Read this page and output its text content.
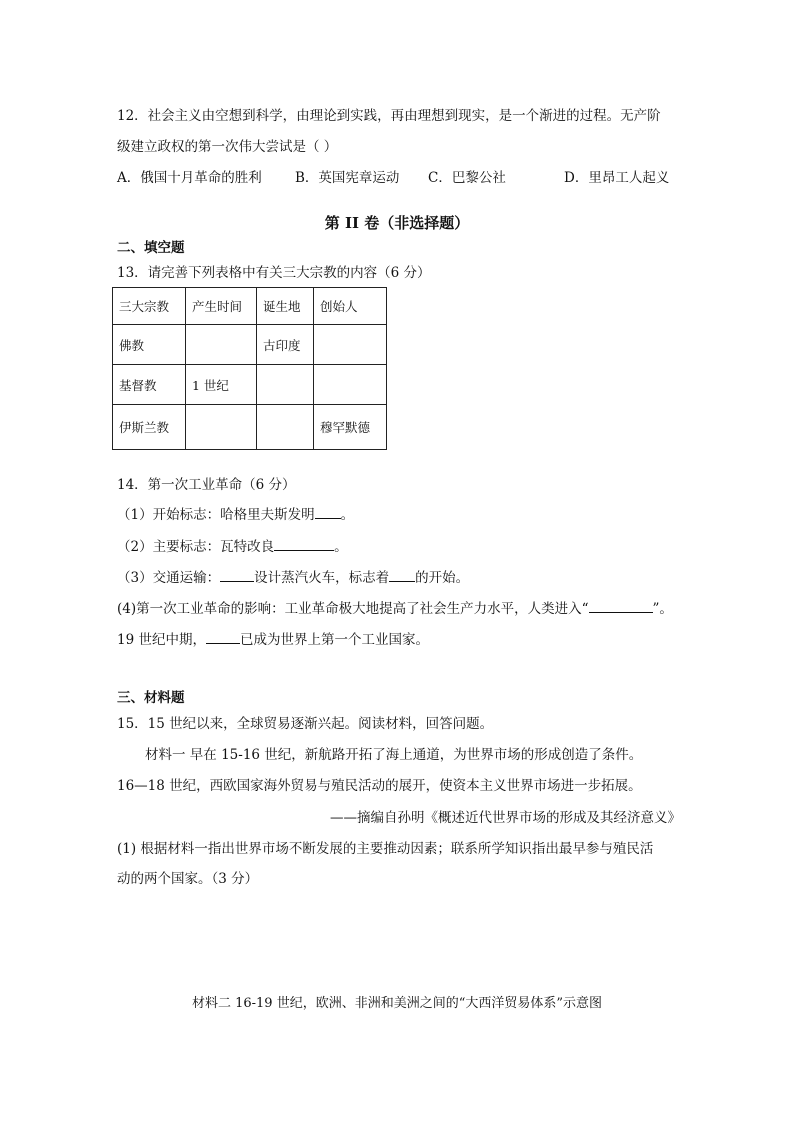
12．社会主义由空想到科学，由理论到实践，再由理想到现实，是一个渐进的过程。无产阶
级建立政权的第一次伟大尝试是（ ）
A．俄国十月革命的胜利	B．英国宪章运动	C．巴黎公社	D．里昂工人起义
第 II 卷（非选择题）
二、填空题
13．请完善下列表格中有关三大宗教的内容（6 分）
三大宗教	产生时间	诞生地	创始人
佛教		古印度	
基督教	1 世纪		
伊斯兰教			穆罕默德
14．第一次工业革命（6 分）
（1）开始标志：哈格里夫斯发明 。
（2）主要标志：瓦特改良	。
（3）交通运输：	设计蒸汽火车，标志着 的开始。
(4)第一次工业革命的影响：工业革命极大地提高了社会生产力水平，人类进入“	”。
19 世纪中期，	已成为世界上第一个工业国家。
三、材料题
15．15 世纪以来，全球贸易逐渐兴起。阅读材料，回答问题。
材料一 早在 15-16 世纪，新航路开拓了海上通道，为世界市场的形成创造了条件。
16—18 世纪，西欧国家海外贸易与殖民活动的展开，使资本主义世界市场进一步拓展。
——摘编自孙明《概述近代世界市场的形成及其经济意义》
(1) 根据材料一指出世界市场不断发展的主要推动因素；联系所学知识指出最早参与殖民活
动的两个国家。（3 分）
材料二 16-19 世纪，欧洲、非洲和美洲之间的“大西洋贸易体系”示意图
